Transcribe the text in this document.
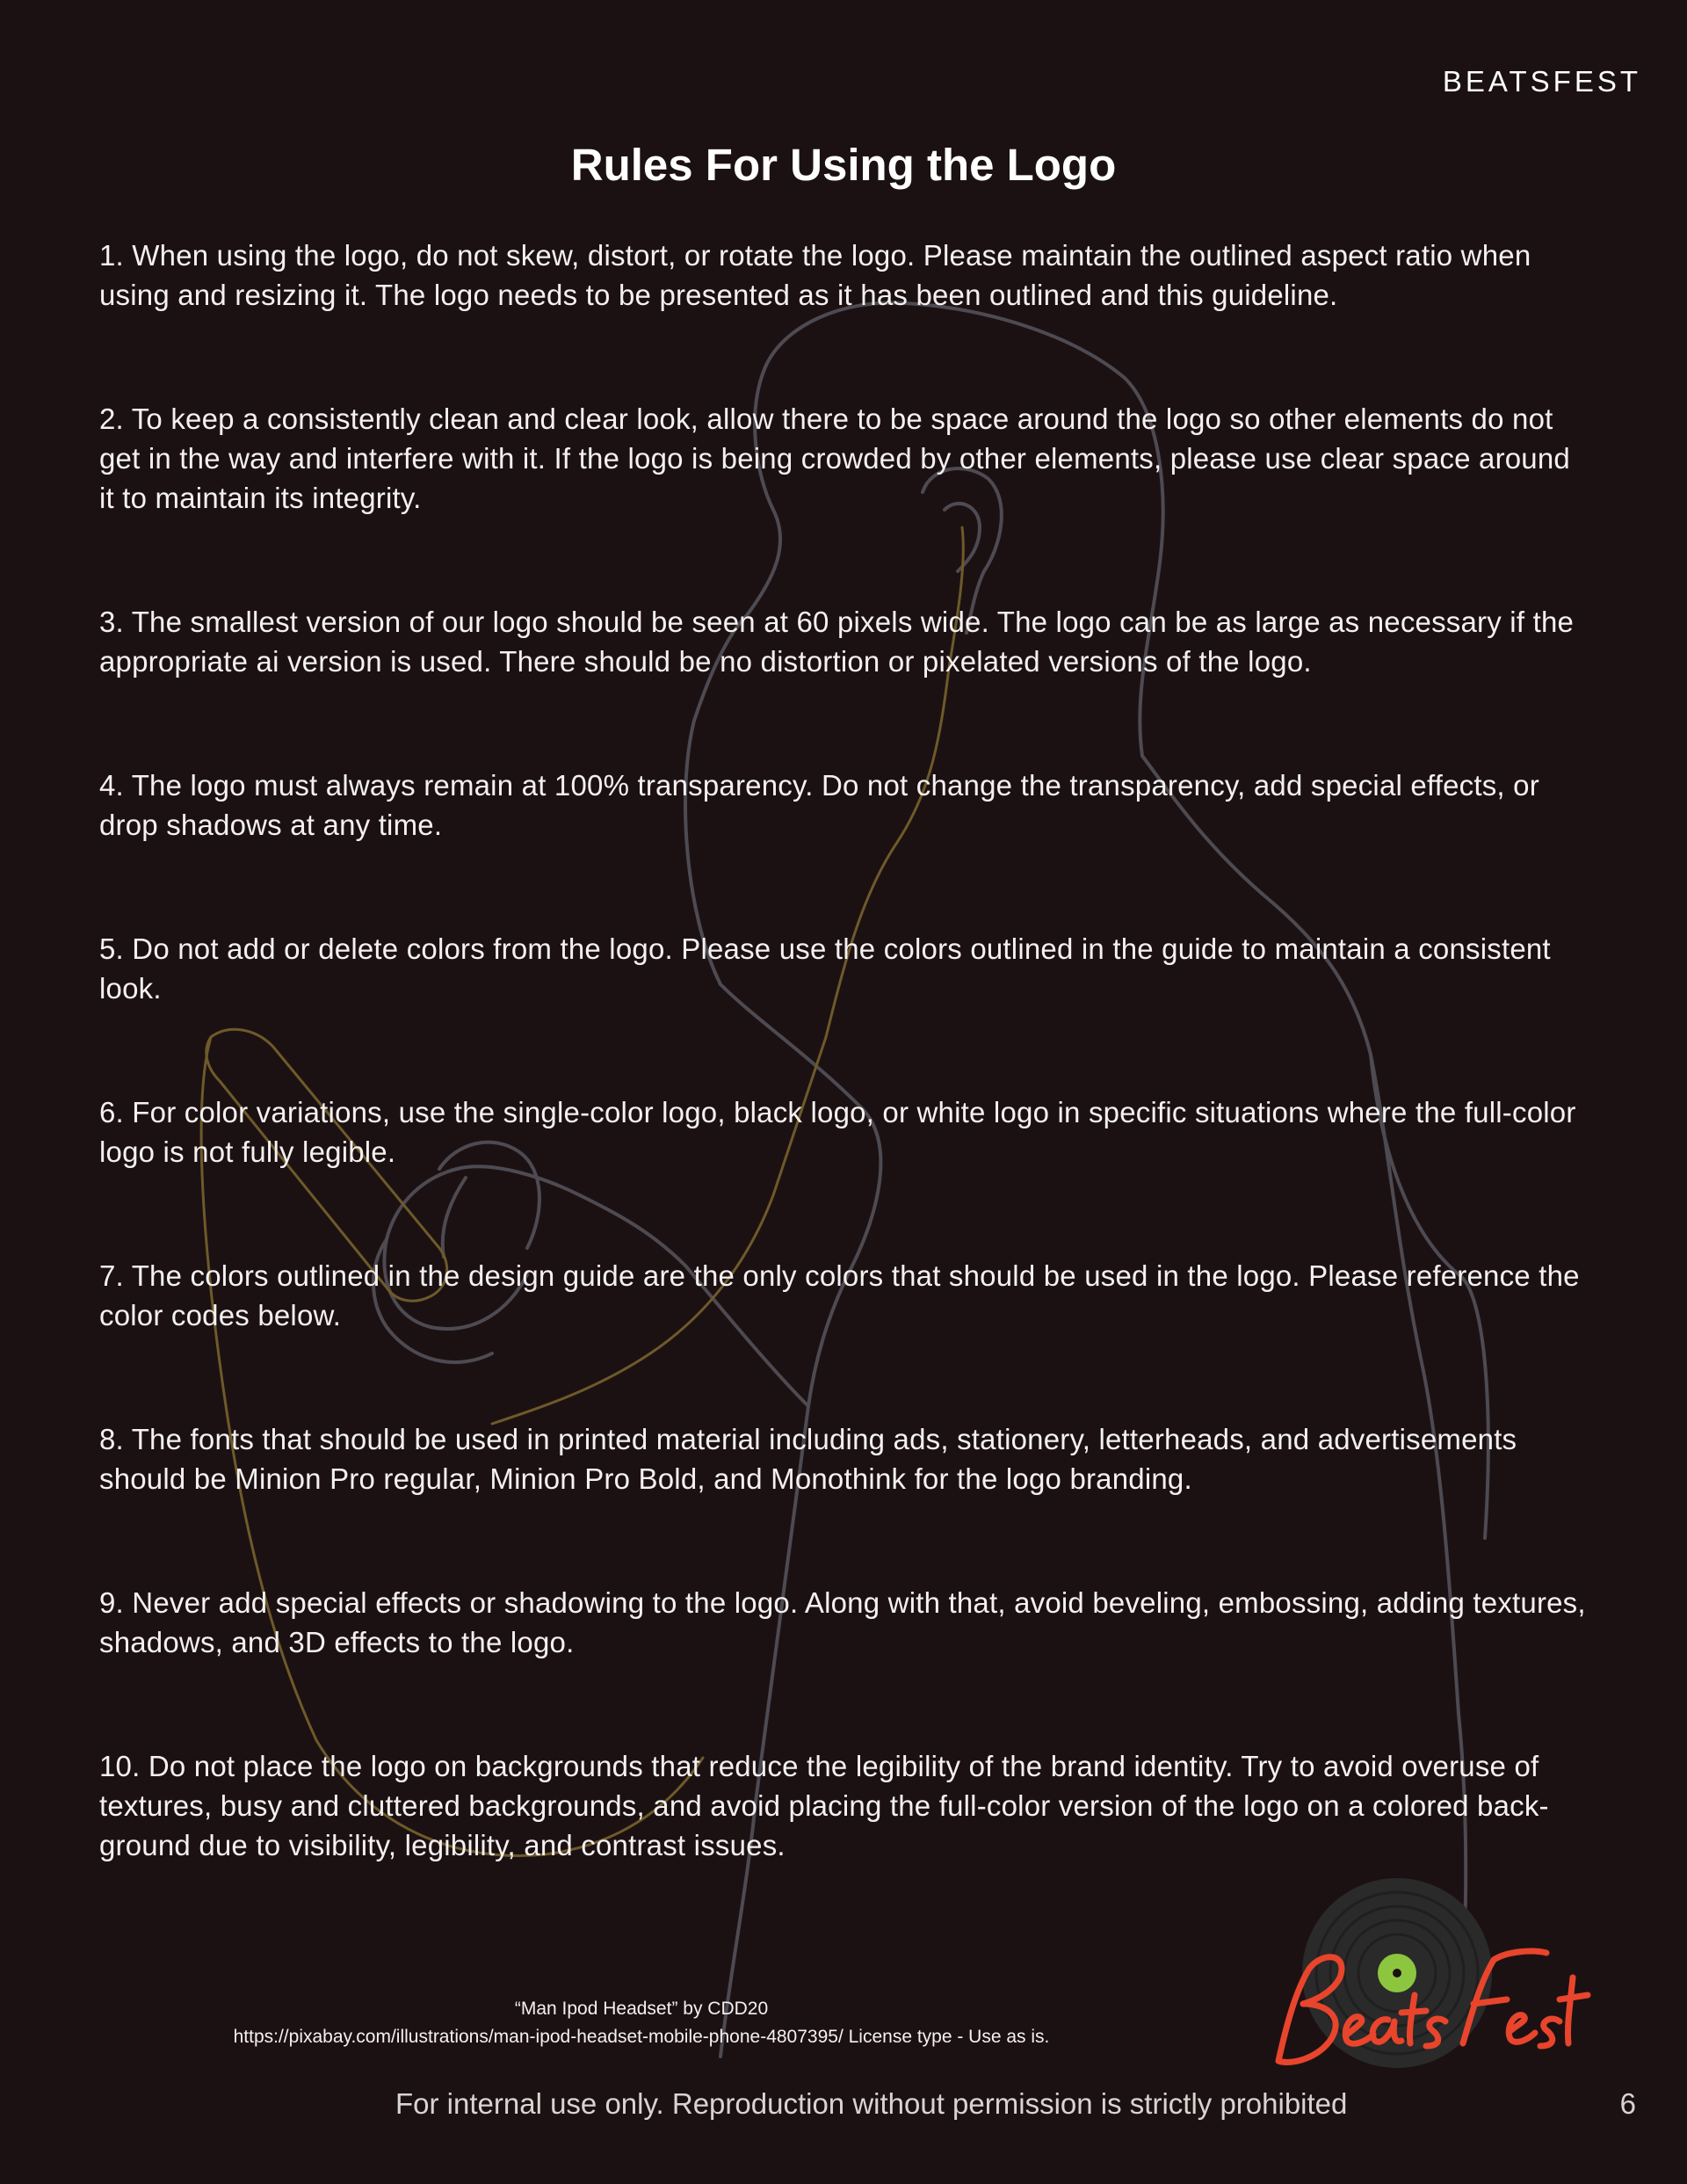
BEATSFEST
Rules For Using the Logo

1. When using the logo, do not skew, distort, or rotate the logo. Please maintain the outlined aspect ratio when using and resizing it. The logo needs to be presented as it has been outlined and this guideline.

2. To keep a consistently clean and clear look, allow there to be space around the logo so other elements do not get in the way and interfere with it. If the logo is being crowded by other elements, please use clear space around it to maintain its integrity.

3. The smallest version of our logo should be seen at 60 pixels wide. The logo can be as large as necessary if the appropriate ai version is used. There should be no distortion or pixelated versions of the logo.

4. The logo must always remain at 100% transparency. Do not change the transparency, add special effects, or drop shadows at any time.

5. Do not add or delete colors from the logo. Please use the colors outlined in the guide to maintain a consistent look.

6. For color variations, use the single-color logo, black logo, or white logo in specific situations where the full-color logo is not fully legible.

7. The colors outlined in the design guide are the only colors that should be used in the logo. Please reference the color codes below.

8. The fonts that should be used in printed material including ads, stationery, letterheads, and advertisements should be Minion Pro regular, Minion Pro Bold, and Monothink for the logo branding.

9. Never add special effects or shadowing to the logo. Along with that, avoid beveling, embossing, adding textures, shadows, and 3D effects to the logo.

10. Do not place the logo on backgrounds that reduce the legibility of the brand identity. Try to avoid overuse of textures, busy and cluttered backgrounds, and avoid placing the full-color version of the logo on a colored back-ground due to visibility, legibility, and contrast issues.

“Man Ipod Headset” by CDD20
https://pixabay.com/illustrations/man-ipod-headset-mobile-phone-4807395/ License type - Use as is.
For internal use only. Reproduction without permission is strictly prohibited	6
